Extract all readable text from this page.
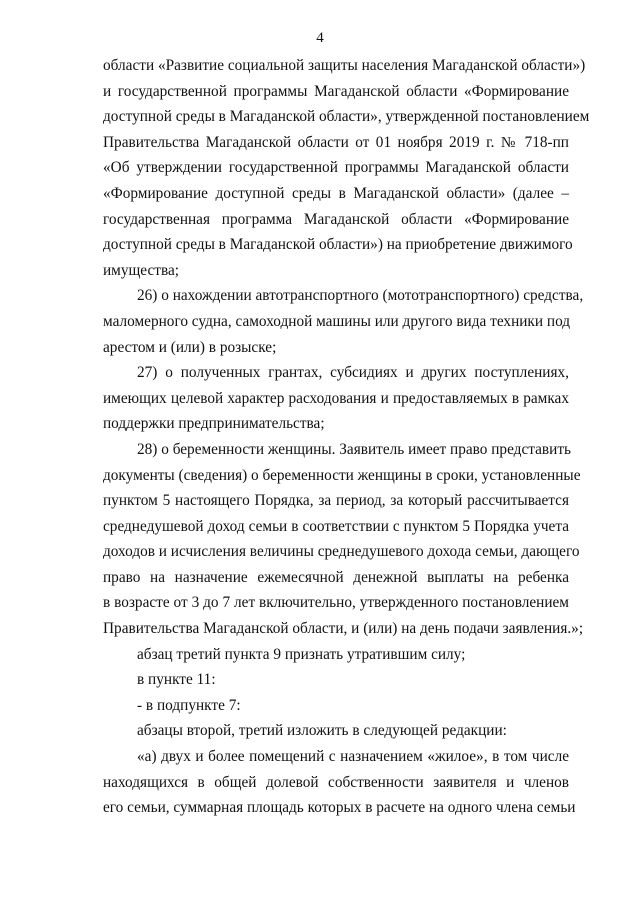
4
области «Развитие социальной защиты населения Магаданской области»)
и государственной программы Магаданской области «Формирование
доступной среды в Магаданской области», утвержденной постановлением
Правительства Магаданской области от 01 ноября 2019 г. № 718-пп
«Об утверждении государственной программы Магаданской области
«Формирование доступной среды в Магаданской области» (далее –
государственная программа Магаданской области «Формирование
доступной среды в Магаданской области») на приобретение движимого
имущества;
26) о нахождении автотранспортного (мототранспортного) средства,
маломерного судна, самоходной машины или другого вида техники под
арестом и (или) в розыске;
27) о полученных грантах, субсидиях и других поступлениях,
имеющих целевой характер расходования и предоставляемых в рамках
поддержки предпринимательства;
28) о беременности женщины. Заявитель имеет право представить
документы (сведения) о беременности женщины в сроки, установленные
пунктом 5 настоящего Порядка, за период, за который рассчитывается
среднедушевой доход семьи в соответствии с пунктом 5 Порядка учета
доходов и исчисления величины среднедушевого дохода семьи, дающего
право на назначение ежемесячной денежной выплаты на ребенка
в возрасте от 3 до 7 лет включительно, утвержденного постановлением
Правительства Магаданской области, и (или) на день подачи заявления.»;
абзац третий пункта 9 признать утратившим силу;
в пункте 11:
- в подпункте 7:
абзацы второй, третий изложить в следующей редакции:
«а) двух и более помещений с назначением «жилое», в том числе
находящихся в общей долевой собственности заявителя и членов
его семьи, суммарная площадь которых в расчете на одного члена семьи
